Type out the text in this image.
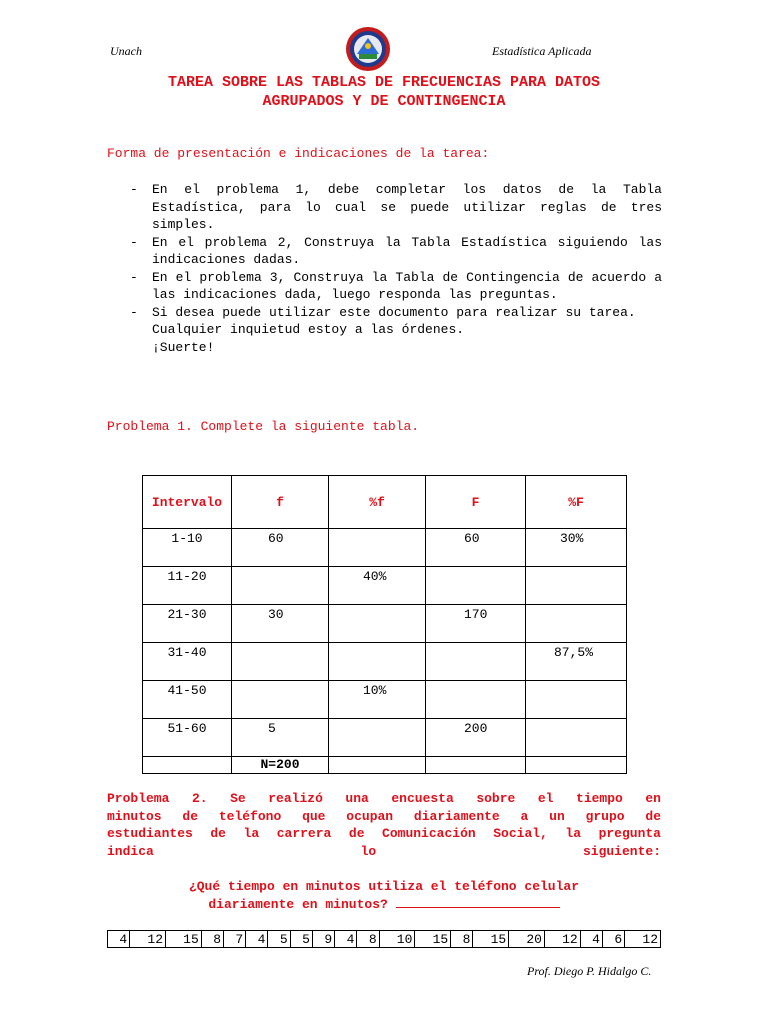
Unach	Estadística Aplicada
TAREA SOBRE LAS TABLAS DE FRECUENCIAS PARA DATOS
AGRUPADOS Y DE CONTINGENCIA
Forma de presentación e indicaciones de la tarea:
- En el problema 1, debe completar los datos de la Tabla Estadística, para lo cual se puede utilizar reglas de tres simples.
- En el problema 2, Construya la Tabla Estadística siguiendo las indicaciones dadas.
- En el problema 3, Construya la Tabla de Contingencia de acuerdo a las indicaciones dada, luego responda las preguntas.
- Si desea puede utilizar este documento para realizar su tarea.
Cualquier inquietud estoy a las órdenes.
¡Suerte!
Problema 1. Complete la siguiente tabla.
Intervalo	f	%f	F	%F
1-10	60		60	30%
11-20		40%		
21-30	30		170	
31-40				87,5%
41-50		10%		
51-60	5		200	
	N=200			
Problema 2. Se realizó una encuesta sobre el tiempo en
minutos de teléfono que ocupan diariamente a un grupo de
estudiantes de la carrera de Comunicación Social, la pregunta
indica lo siguiente:
¿Qué tiempo en minutos utiliza el teléfono celular
diariamente en minutos?
4	12	15	8	7	4	5	5	9	4	8	10	15	8	15	20	12	4	6	12
Prof. Diego P. Hidalgo C.
